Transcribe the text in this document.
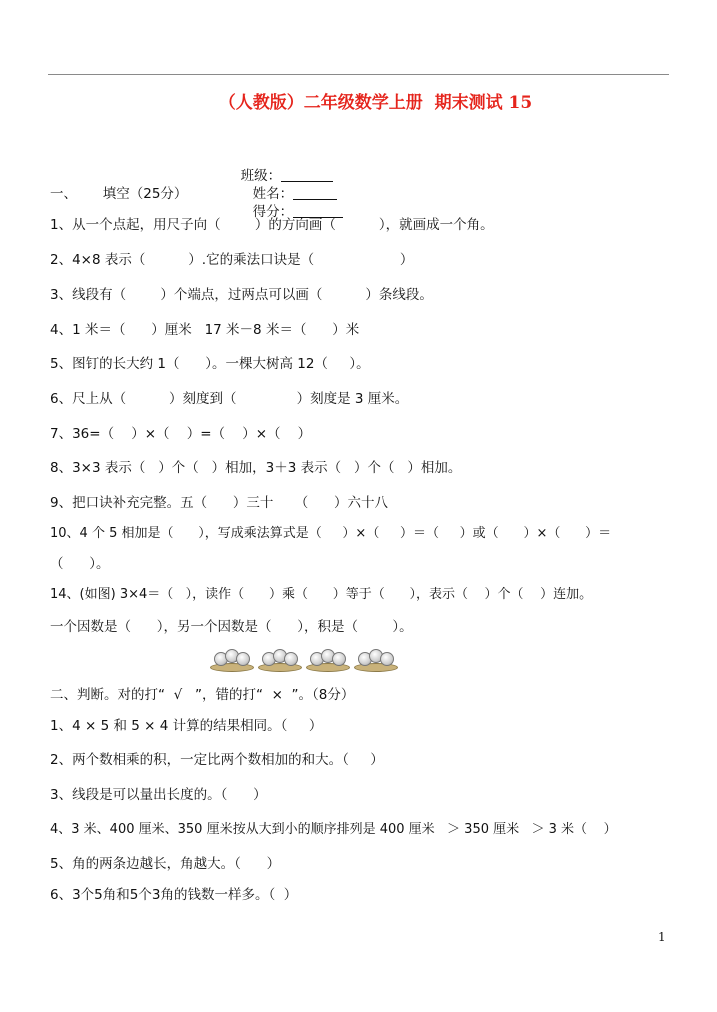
（人教版）二年级数学上册  期末测试 15

班级：
姓名：
得分：

一、      填空（25分）
1、从一个点起，用尺子向（        ）的方向画（          ），就画成一个角。
2、4×8 表示（          ）.它的乘法口诀是（                    ）
3、线段有（        ）个端点，过两点可以画（          ）条线段。
4、1 米＝（      ）厘米   17 米－8 米＝（      ）米
5、图钉的长大约 1（      ）。一棵大树高 12（     ）。
6、尺上从（          ）刻度到（              ）刻度是 3 厘米。
7、36=（    ）×（    ）=（    ）×（    ）
8、3×3 表示（   ）个（   ）相加，3＋3 表示（   ）个（   ）相加。
9、把口诀补充完整。五（      ）三十     （      ）六十八
10、4 个 5 相加是（      ），写成乘法算式是（     ）×（     ）＝（     ）或（      ）×（      ）＝
（      ）。
14、(如图) 3×4＝（   ），读作（      ）乘（      ）等于（      ），表示（    ）个（    ）连加。
一个因数是（      ），另一个因数是（      ），积是（        ）。
二、判断。对的打“  √   ”，错的打“  ×  ”。（8分）
1、4 × 5 和 5 × 4 计算的结果相同。（     ）
2、两个数相乘的积，一定比两个数相加的和大。（     ）
3、线段是可以量出长度的。（      ）
4、3 米、400 厘米、350 厘米按从大到小的顺序排列是 400 厘米   ＞ 350 厘米   ＞ 3 米（    ）
5、角的两条边越长，角越大。（      ）
6、3个5角和5个3角的钱数一样多。（  ）
1
